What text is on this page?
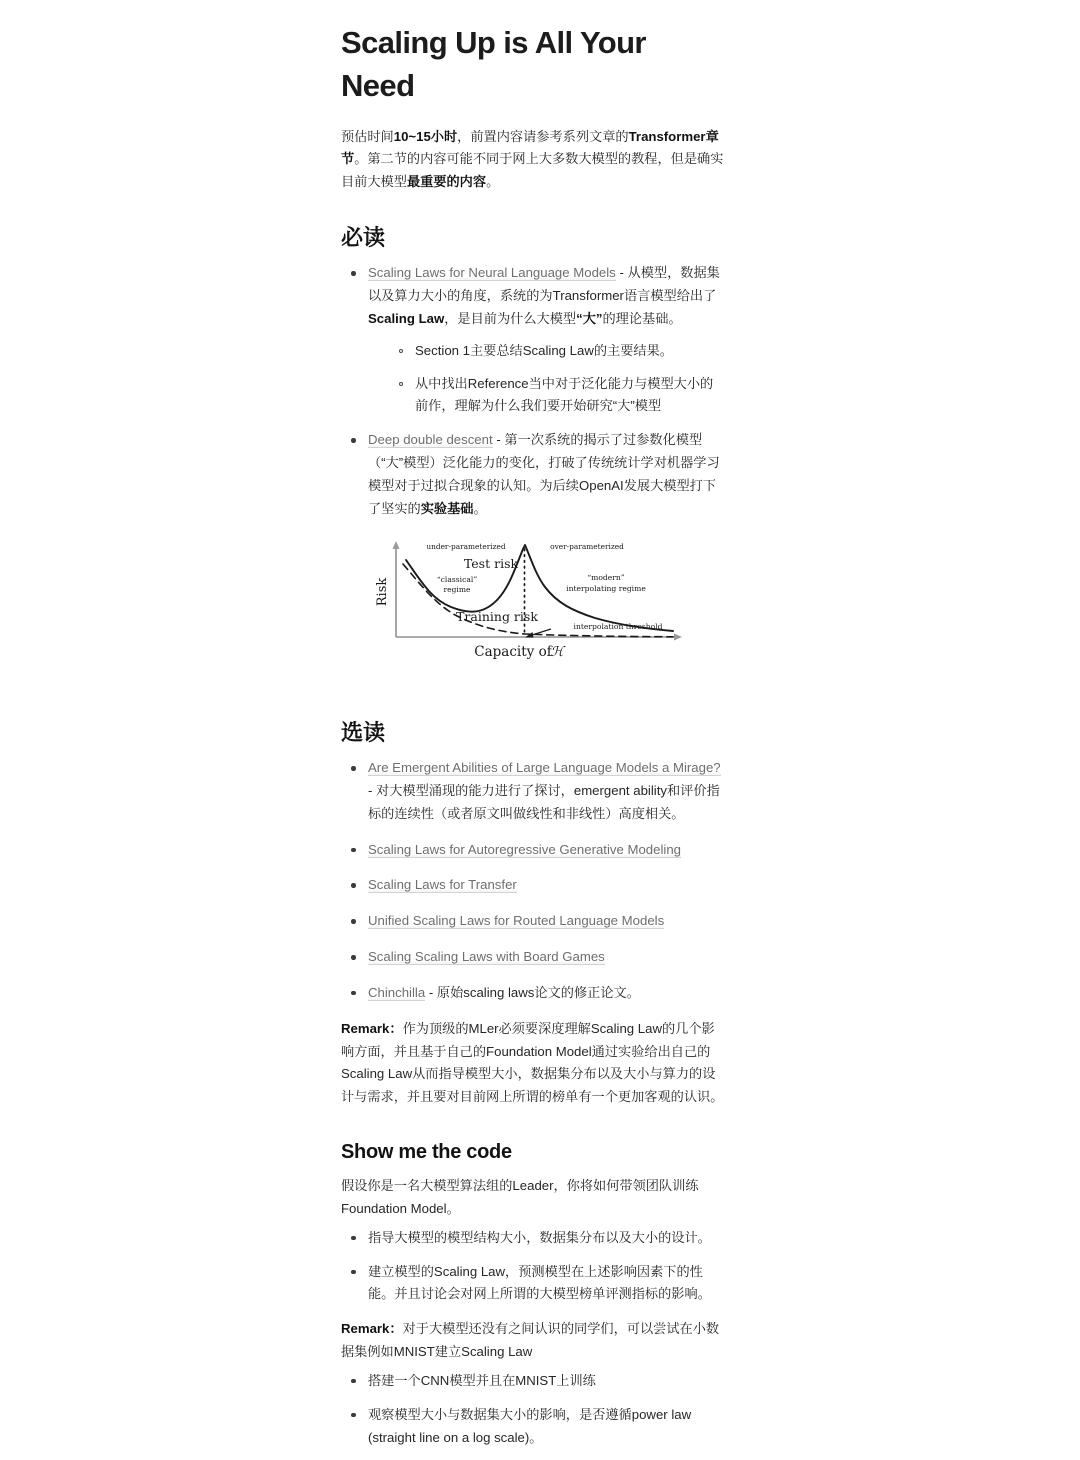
Scaling Up is All Your Need

预估时间10~15小时，前置内容请参考系列文章的Transformer章节。第二节的内容可能不同于网上大多数大模型的教程，但是确实目前大模型最重要的内容。

必读
Scaling Laws for Neural Language Models - 从模型，数据集以及算力大小的角度，系统的为Transformer语言模型给出了Scaling Law，是目前为什么大模型“大”的理论基础。
Section 1主要总结Scaling Law的主要结果。
从中找出Reference当中对于泛化能力与模型大小的前作，理解为什么我们要开始研究“大”模型
Deep double descent - 第一次系统的揭示了过参数化模型（“大”模型）泛化能力的变化，打破了传统统计学对机器学习模型对于过拟合现象的认知。为后续OpenAI发展大模型打下了坚实的实验基础。
Risk
Capacity of
ℋ
under-parameterized	over-parameterized
Test risk
Training risk
“classical”
regime
“modern”
interpolating regime
interpolation threshold
选读
Are Emergent Abilities of Large Language Models a Mirage? - 对大模型涌现的能力进行了探讨，emergent ability和评价指标的连续性（或者原文叫做线性和非线性）高度相关。
Scaling Laws for Autoregressive Generative Modeling
Scaling Laws for Transfer
Unified Scaling Laws for Routed Language Models
Scaling Scaling Laws with Board Games
Chinchilla - 原始scaling laws论文的修正论文。

Remark：作为顶级的MLer必须要深度理解Scaling Law的几个影响方面，并且基于自己的Foundation Model通过实验给出自己的Scaling Law从而指导模型大小，数据集分布以及大小与算力的设计与需求，并且要对目前网上所谓的榜单有一个更加客观的认识。

Show me the code

假设你是一名大模型算法组的Leader，你将如何带领团队训练Foundation Model。

指导大模型的模型结构大小，数据集分布以及大小的设计。
建立模型的Scaling Law，预测模型在上述影响因素下的性能。并且讨论会对网上所谓的大模型榜单评测指标的影响。

Remark：对于大模型还没有之间认识的同学们，可以尝试在小数据集例如MNIST建立Scaling Law

搭建一个CNN模型并且在MNIST上训练
观察模型大小与数据集大小的影响，是否遵循power law (straight line on a log scale)。
